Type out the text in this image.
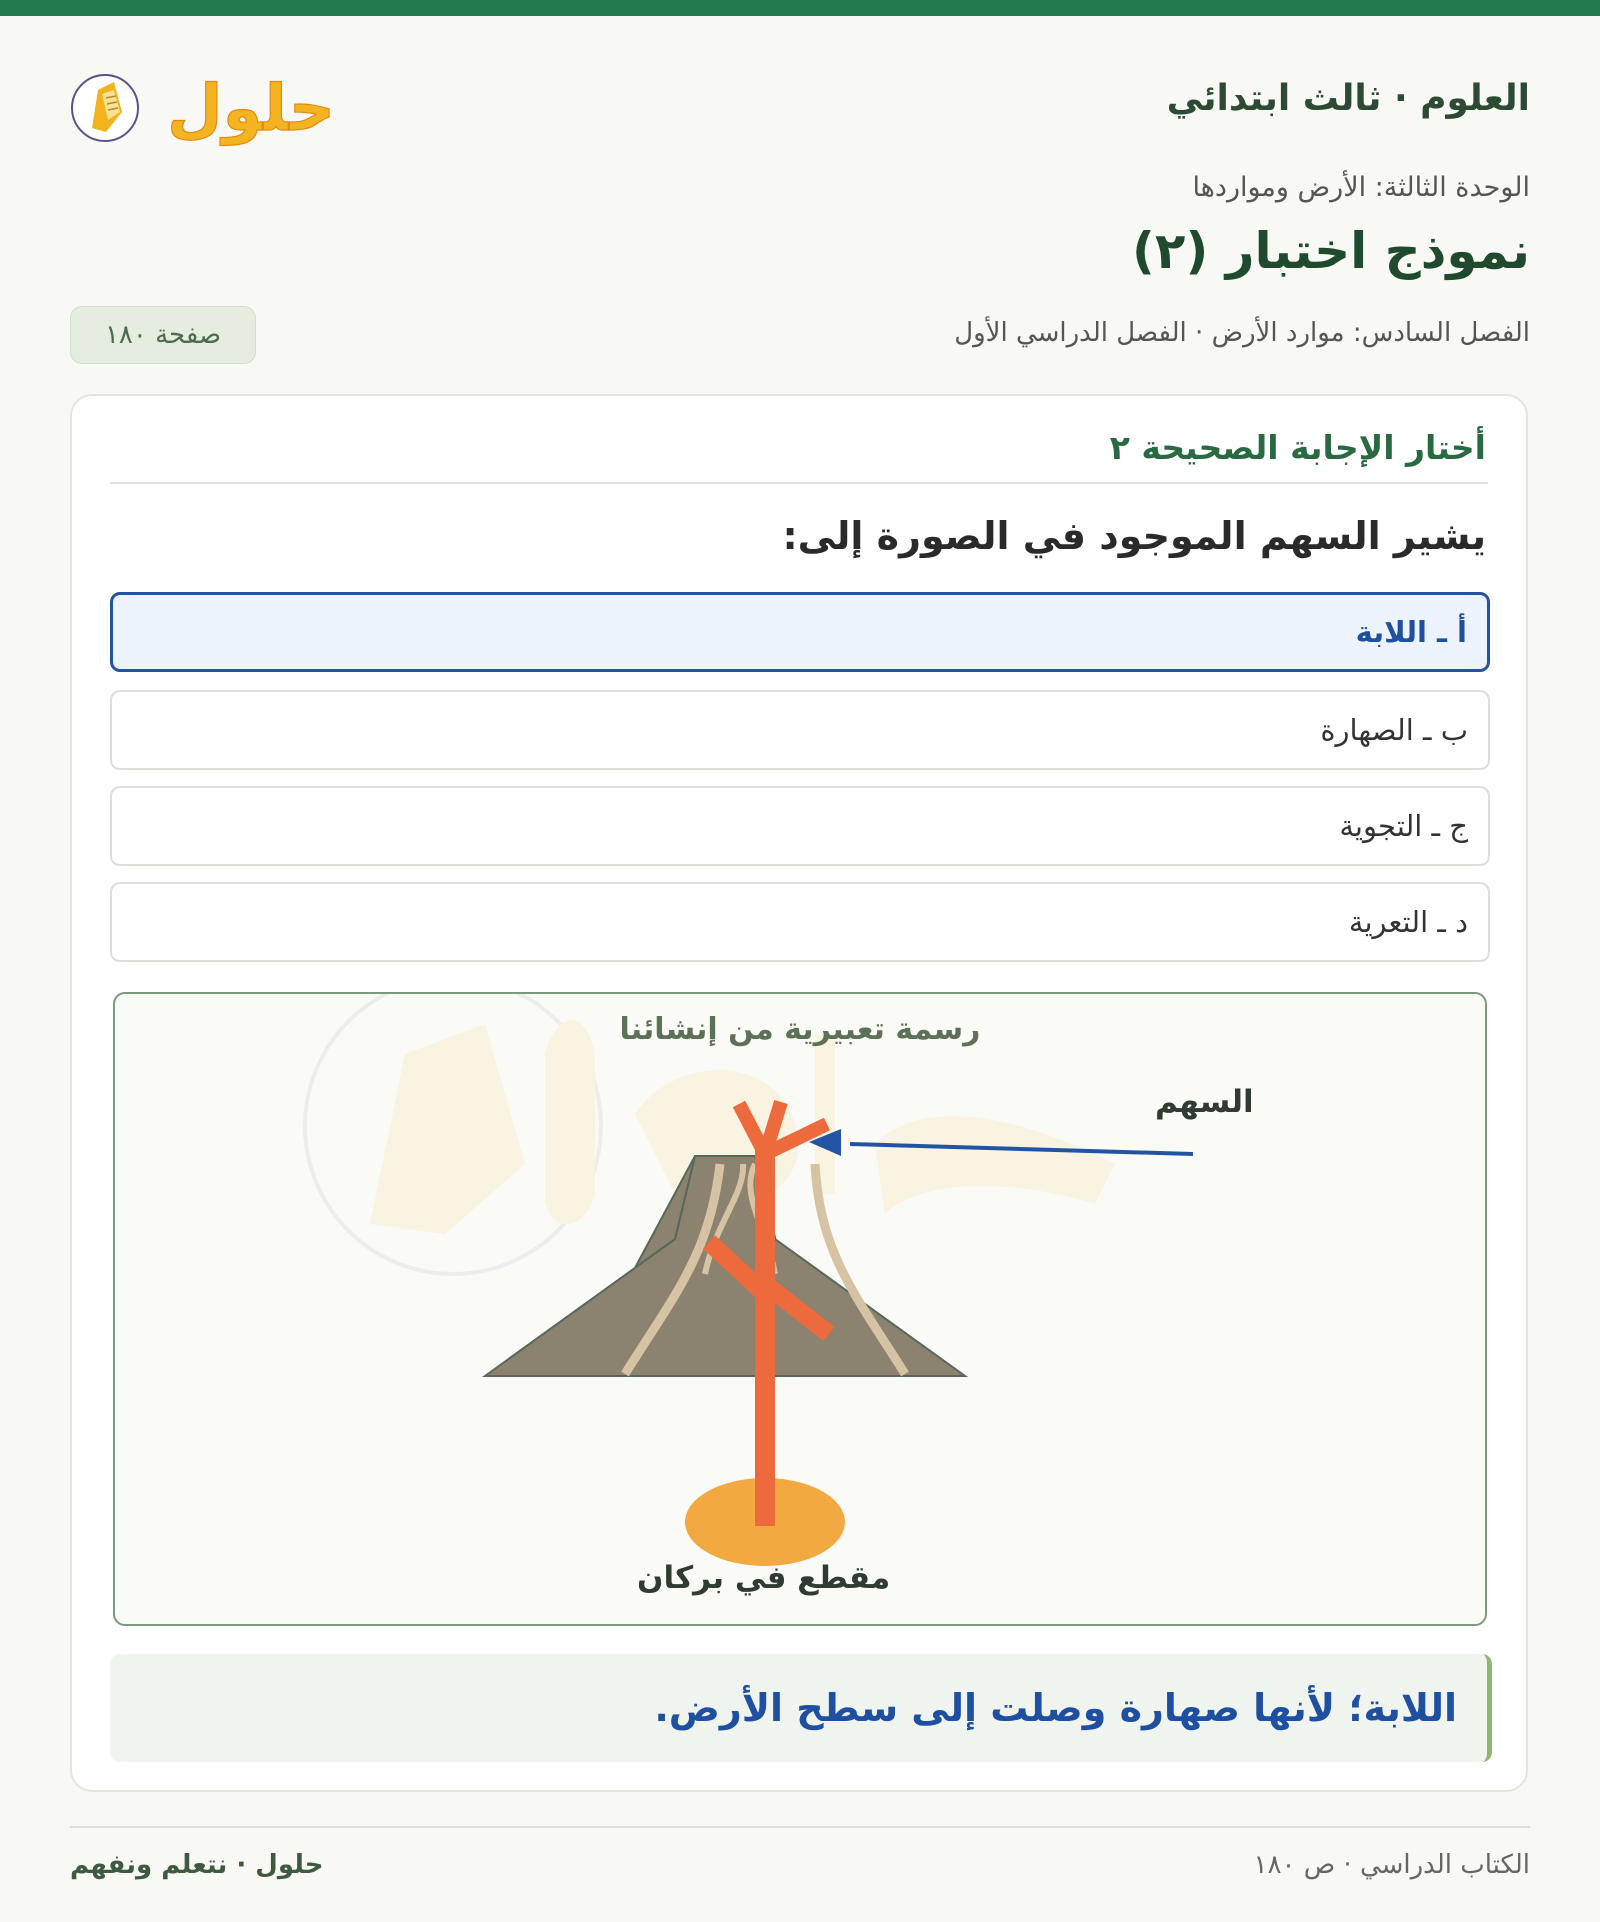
العلوم · ثالث ابتدائي
حلول
الوحدة الثالثة: الأرض ومواردها
نموذج اختبار (٢)
الفصل السادس: موارد الأرض · الفصل الدراسي الأول
صفحة ١٨٠
أختار الإجابة الصحيحة ٢
يشير السهم الموجود في الصورة إلى:
أ ـ اللابة
ب ـ الصهارة
ج ـ التجوية
د ـ التعرية
رسمة تعبيرية من إنشائنا
السهم
مقطع في بركان
اللابة؛ لأنها صهارة وصلت إلى سطح الأرض.
الكتاب الدراسي · ص ١٨٠
حلول · نتعلم ونفهم
